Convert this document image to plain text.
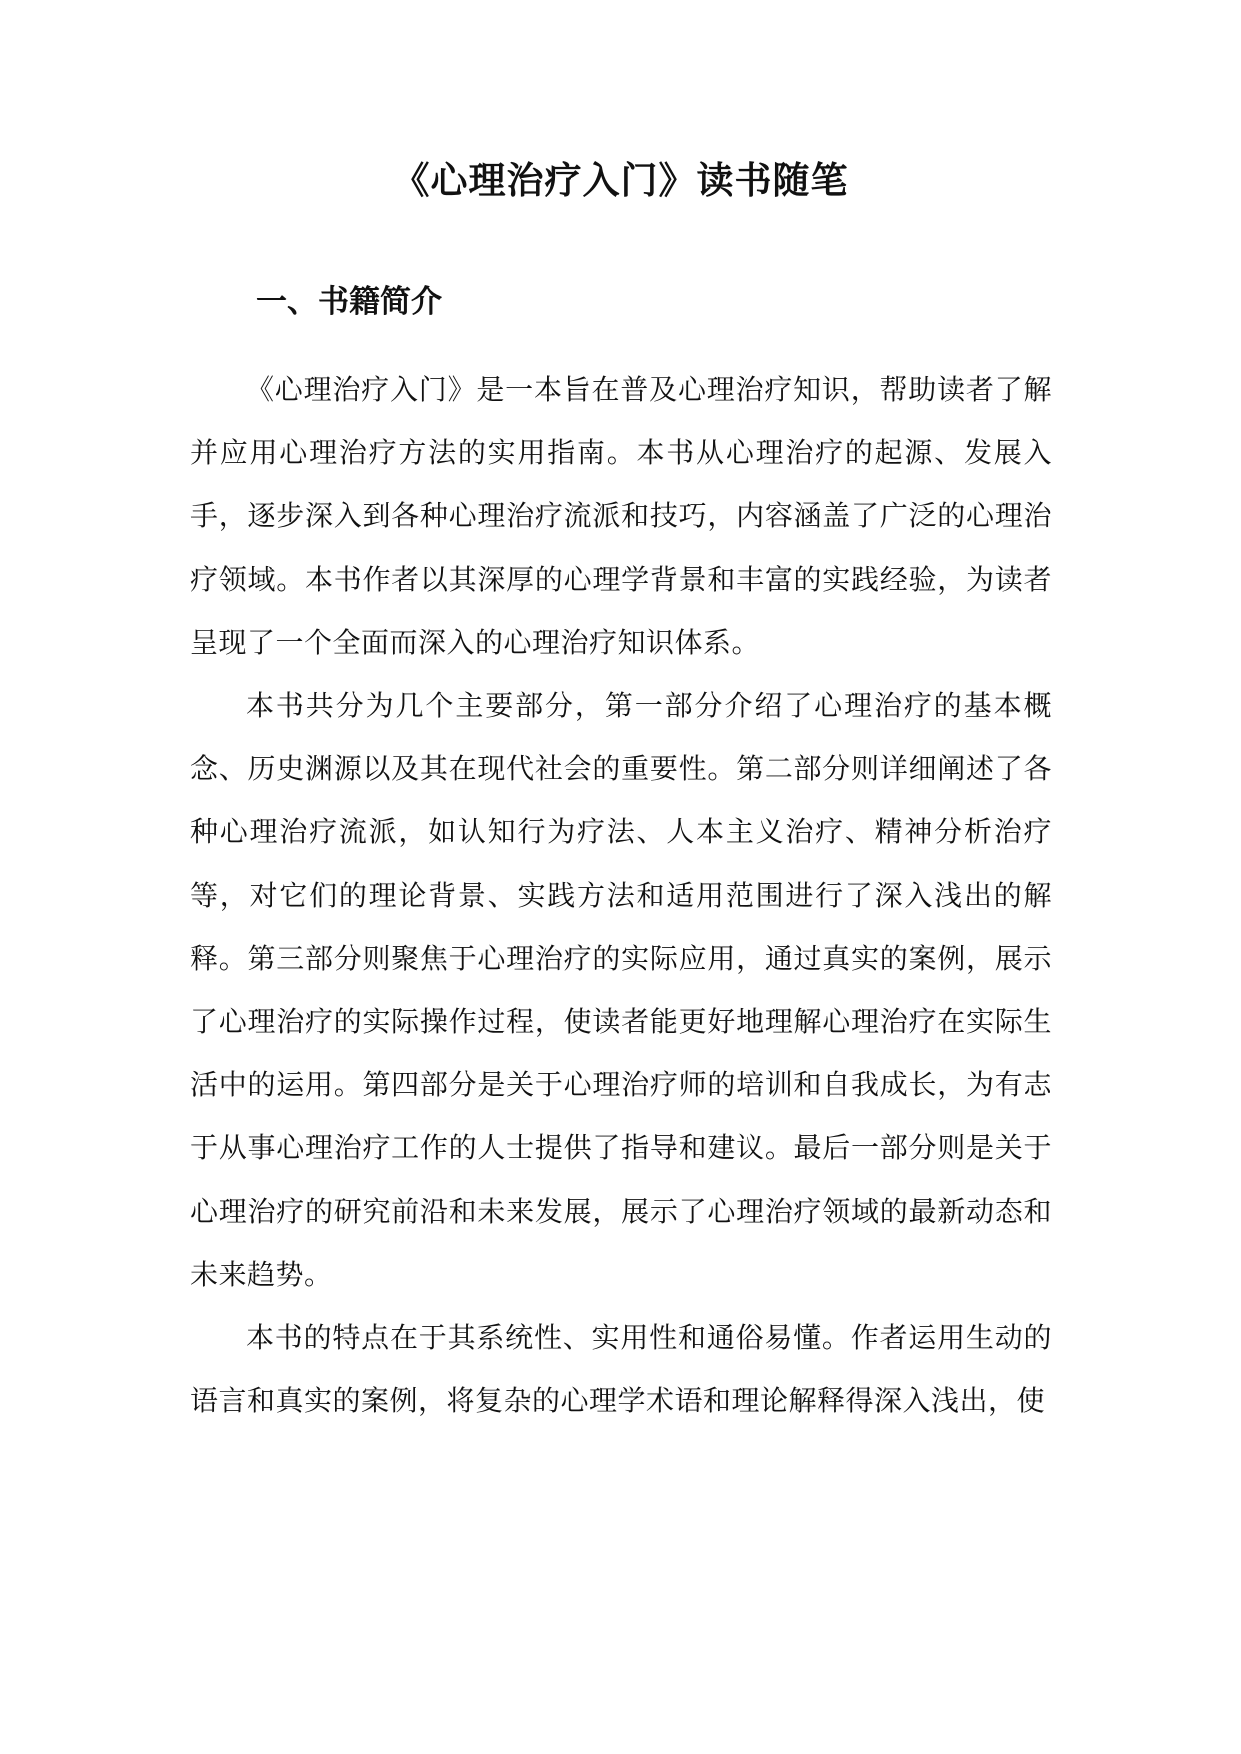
《心理治疗入门》读书随笔
一、书籍简介

《心理治疗入门》是一本旨在普及心理治疗知识，帮助读者了解并应用心理治疗方法的实用指南。本书从心理治疗的起源、发展入手，逐步深入到各种心理治疗流派和技巧，内容涵盖了广泛的心理治疗领域。本书作者以其深厚的心理学背景和丰富的实践经验，为读者呈现了一个全面而深入的心理治疗知识体系。

本书共分为几个主要部分，第一部分介绍了心理治疗的基本概念、历史渊源以及其在现代社会的重要性。第二部分则详细阐述了各种心理治疗流派，如认知行为疗法、人本主义治疗、精神分析治疗等，对它们的理论背景、实践方法和适用范围进行了深入浅出的解释。第三部分则聚焦于心理治疗的实际应用，通过真实的案例，展示了心理治疗的实际操作过程，使读者能更好地理解心理治疗在实际生活中的运用。第四部分是关于心理治疗师的培训和自我成长，为有志于从事心理治疗工作的人士提供了指导和建议。最后一部分则是关于心理治疗的研究前沿和未来发展，展示了心理治疗领域的最新动态和未来趋势。

本书的特点在于其系统性、实用性和通俗易懂。作者运用生动的语言和真实的案例，将复杂的心理学术语和理论解释得深入浅出，使
